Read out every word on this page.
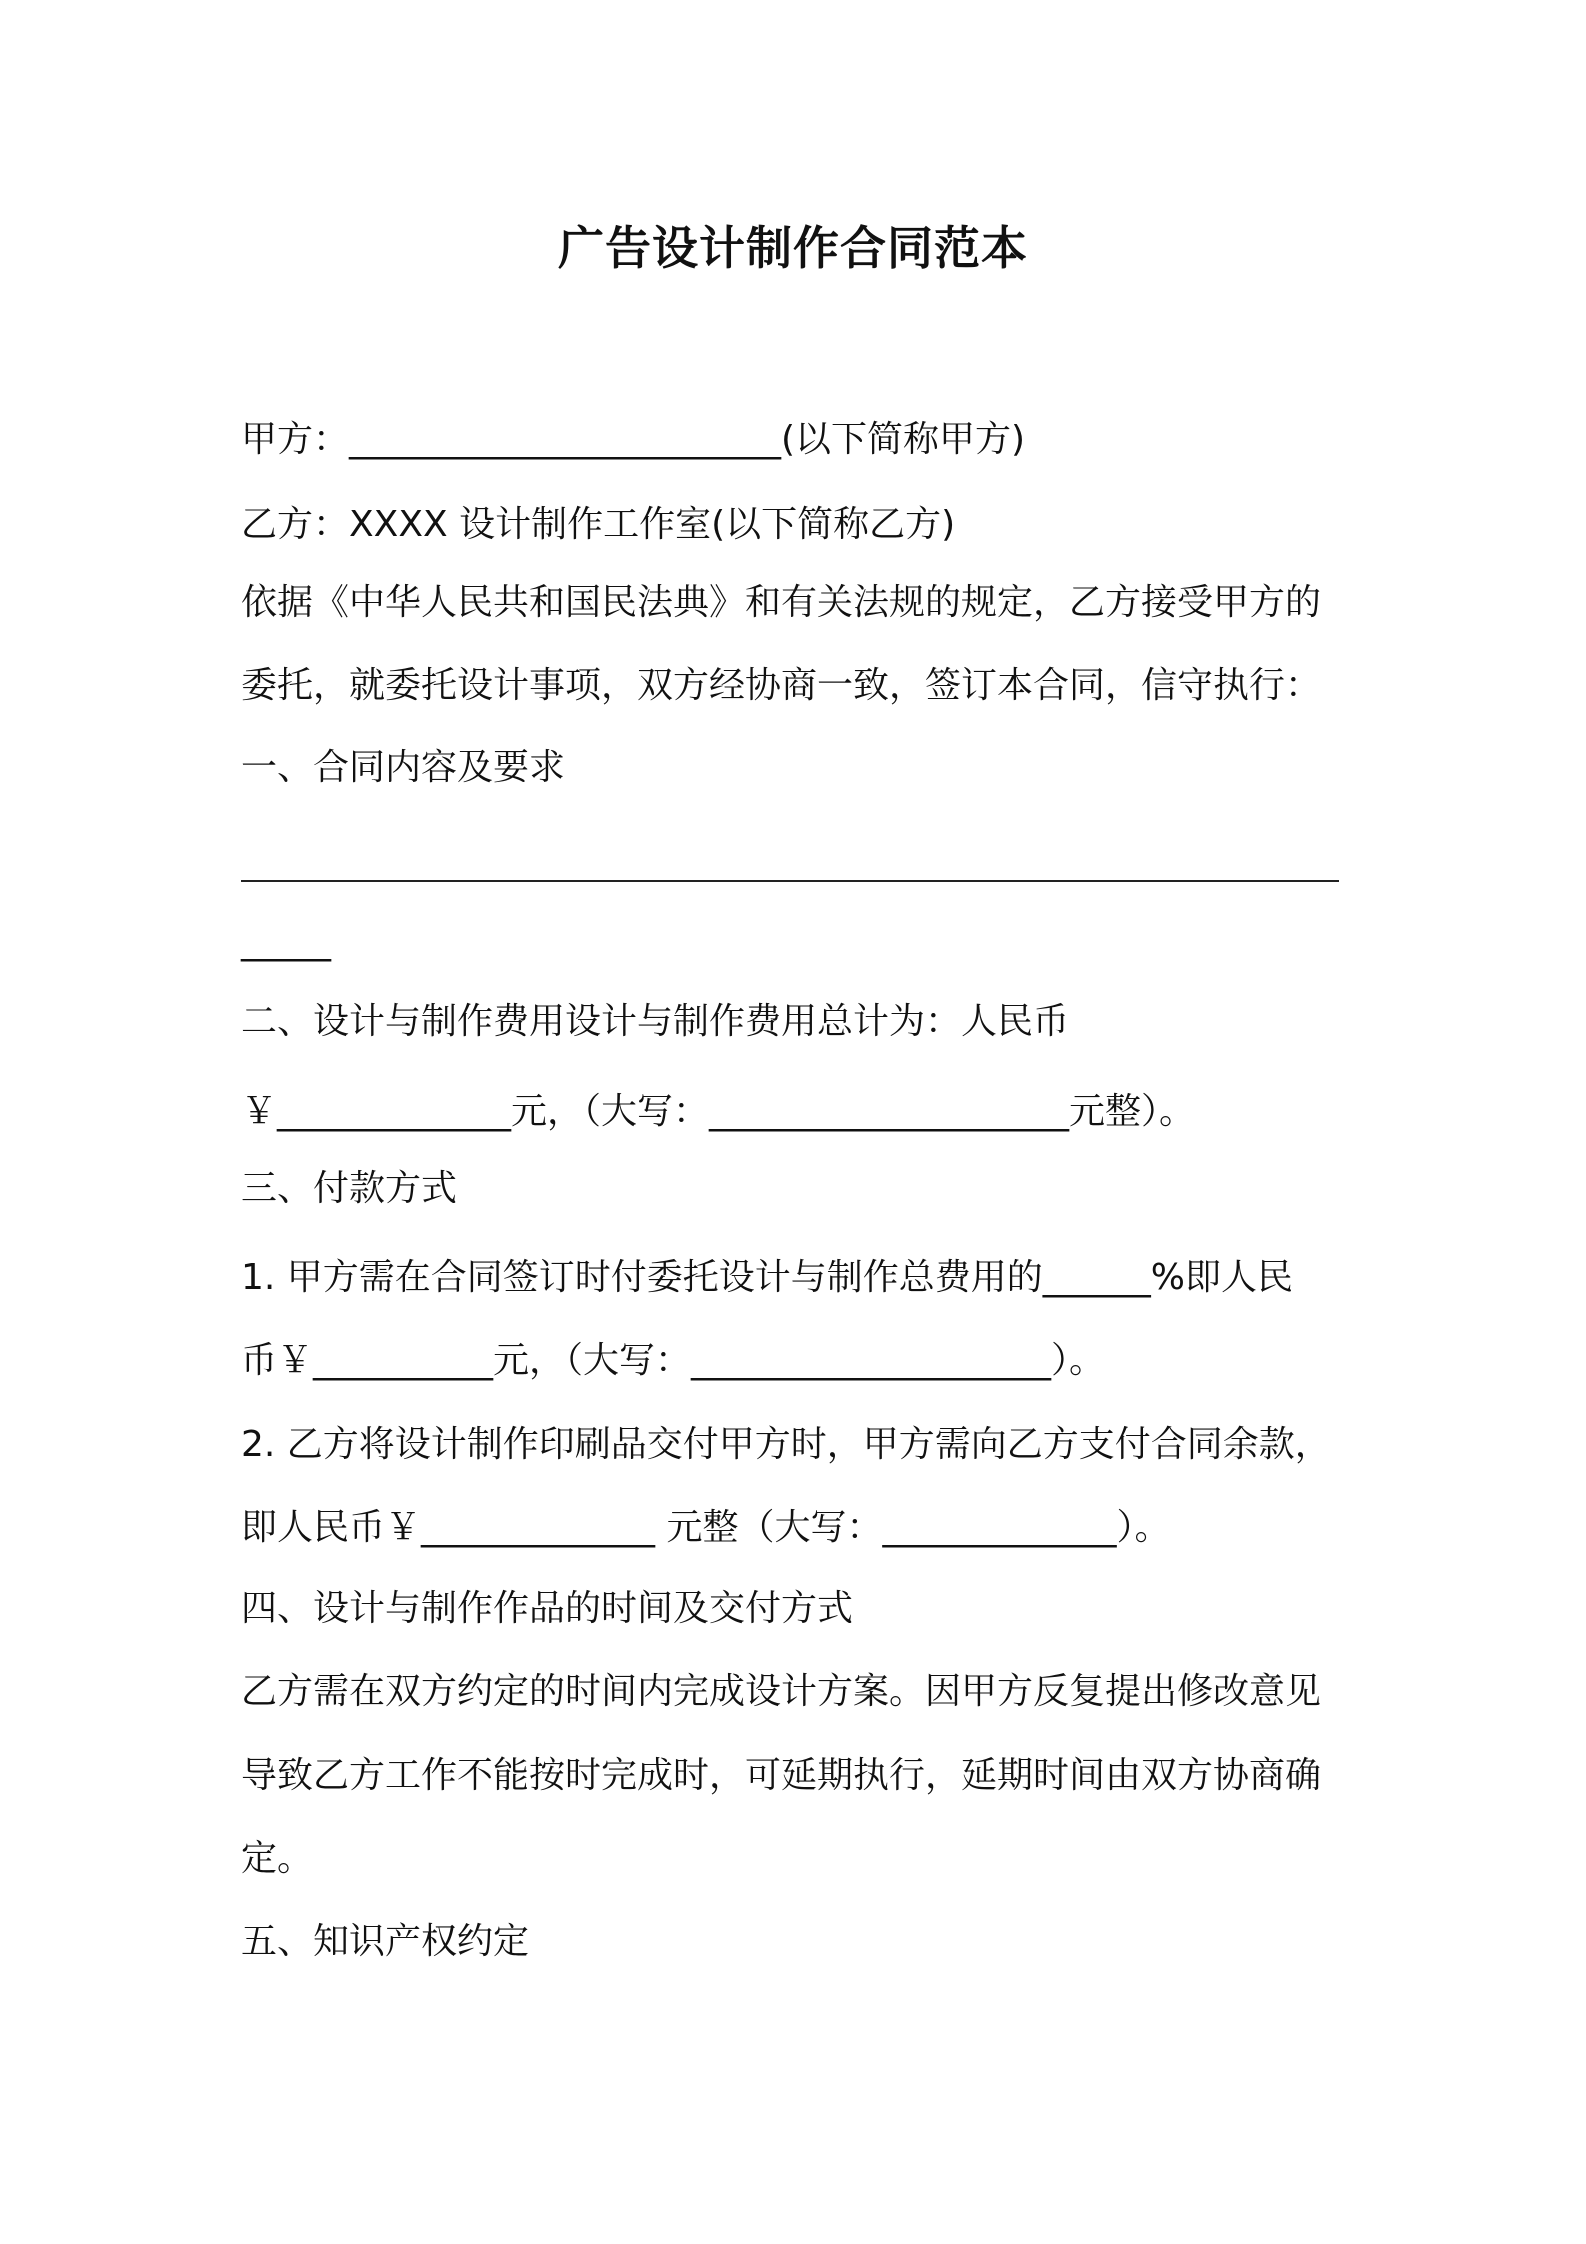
广告设计制作合同范本

甲方：________________________(以下简称甲方)

乙方：XXXX 设计制作工作室(以下简称乙方)

依据《中华人民共和国民法典》和有关法规的规定，乙方接受甲方的

委托，就委托设计事项，双方经协商一致，签订本合同，信守执行：

一、合同内容及要求

_____

二、设计与制作费用设计与制作费用总计为：人民币

￥_____________元，（大写：____________________元整）。

三、付款方式

1. 甲方需在合同签订时付委托设计与制作总费用的______%即人民

币￥__________元，（大写：____________________）。

2. 乙方将设计制作印刷品交付甲方时，甲方需向乙方支付合同余款，

即人民币￥_____________ 元整（大写：_____________）。

四、设计与制作作品的时间及交付方式

乙方需在双方约定的时间内完成设计方案。因甲方反复提出修改意见

导致乙方工作不能按时完成时，可延期执行，延期时间由双方协商确

定。

五、知识产权约定
